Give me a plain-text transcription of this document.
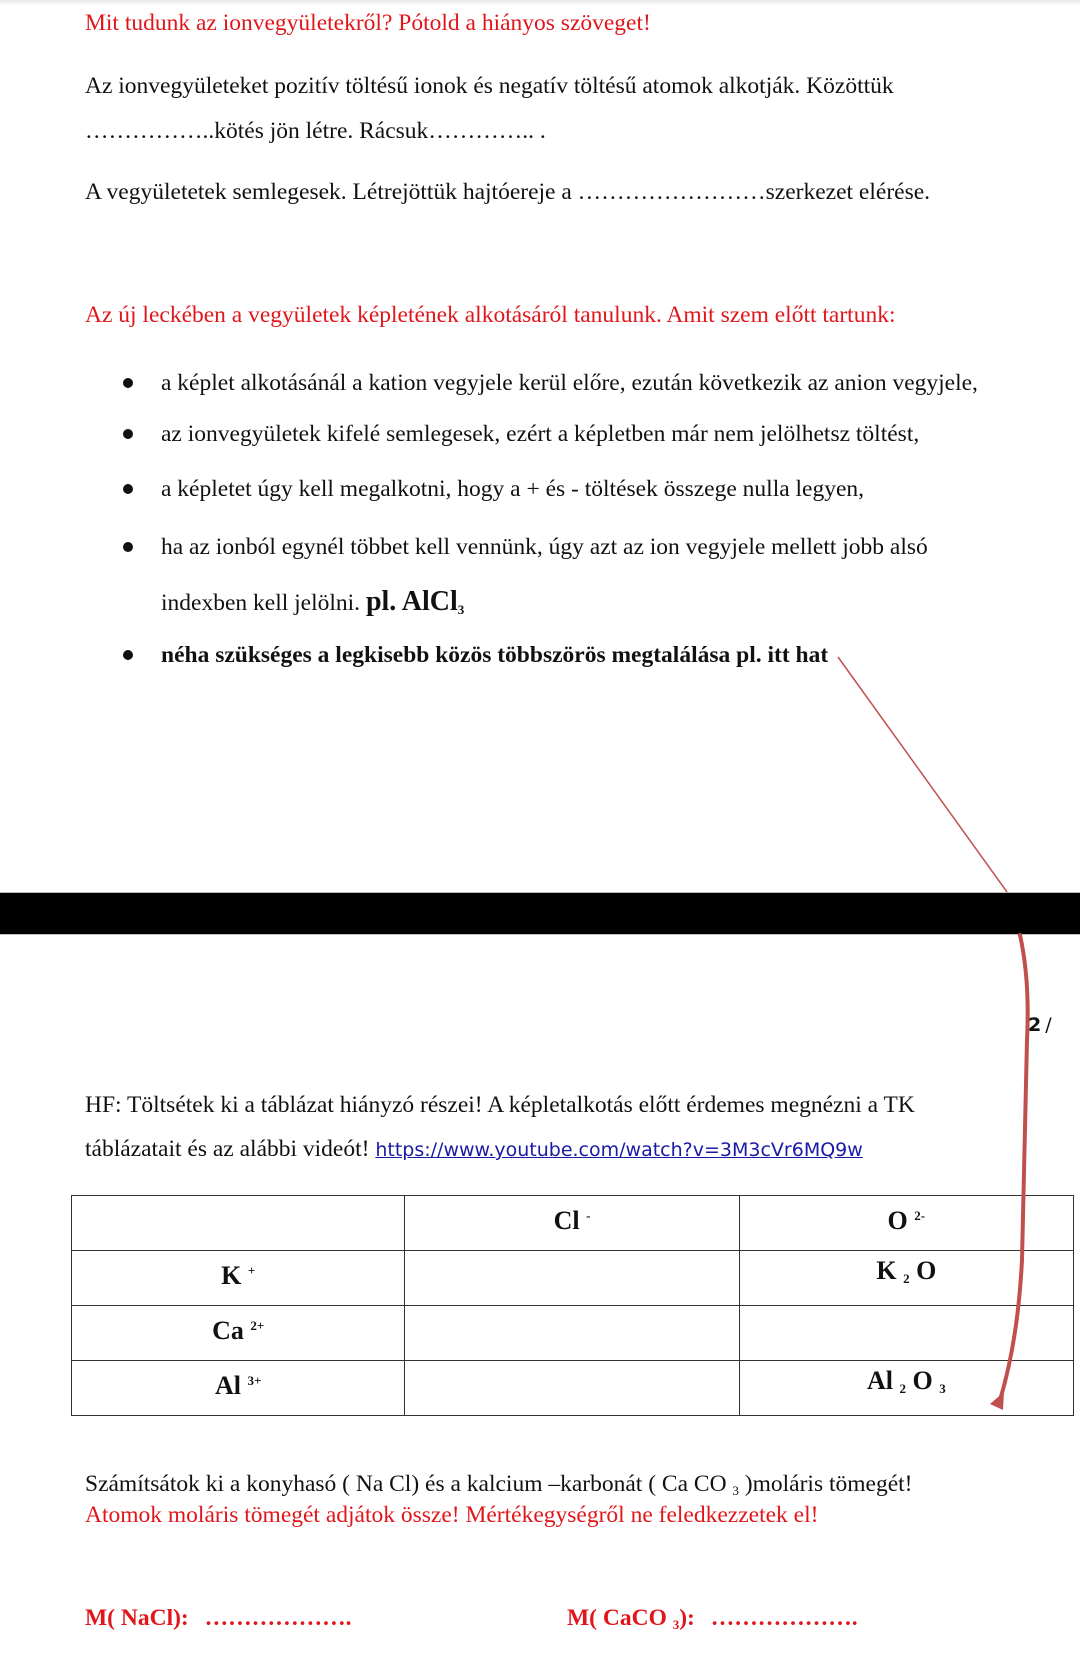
Mit tudunk az ionvegyületekről? Pótold a hiányos szöveget!
Az ionvegyületeket pozitív töltésű ionok és negatív töltésű atomok alkotják. Közöttük
……………..kötés jön létre. Rácsuk………….. .
A vegyületetek semlegesek. Létrejöttük hajtóereje a ……………………szerkezet elérése.
Az új leckében a vegyületek képletének alkotásáról tanulunk. Amit szem előtt tartunk:
a képlet alkotásánál a kation vegyjele kerül előre, ezután következik az anion vegyjele,
az ionvegyületek kifelé semlegesek, ezért a képletben már nem jelölhetsz töltést,
a képletet úgy kell megalkotni, hogy a + és - töltések összege nulla legyen,
ha az ionból egynél többet kell vennünk, úgy azt az ion vegyjele mellett jobb alsó
indexben kell jelölni. pl. AlCl$_3$
néha szükséges a legkisebb közös többszörös megtalálása pl. itt hat
2 /
HF: Töltsétek ki a táblázat hiányzó részei! A képletalkotás előtt érdemes megnézni a TK
táblázatait és az alábbi videót! https://www.youtube.com/watch?v=3M3cVr6MQ9w
	Cl -	O $^{2-}$
K +		K $_2$ O
Ca $^{2+}$		
Al $^{3+}$		Al $_2$ O $_3$
Számítsátok ki a konyhasó ( Na Cl) és a kalcium –karbonát ( Ca CO $_3$ )moláris tömegét!
Atomok moláris tömegét adjátok össze! Mértékegységről ne feledkezzetek el!
M( NaCl): ……………….	M( CaCO $_3$): ……………….
